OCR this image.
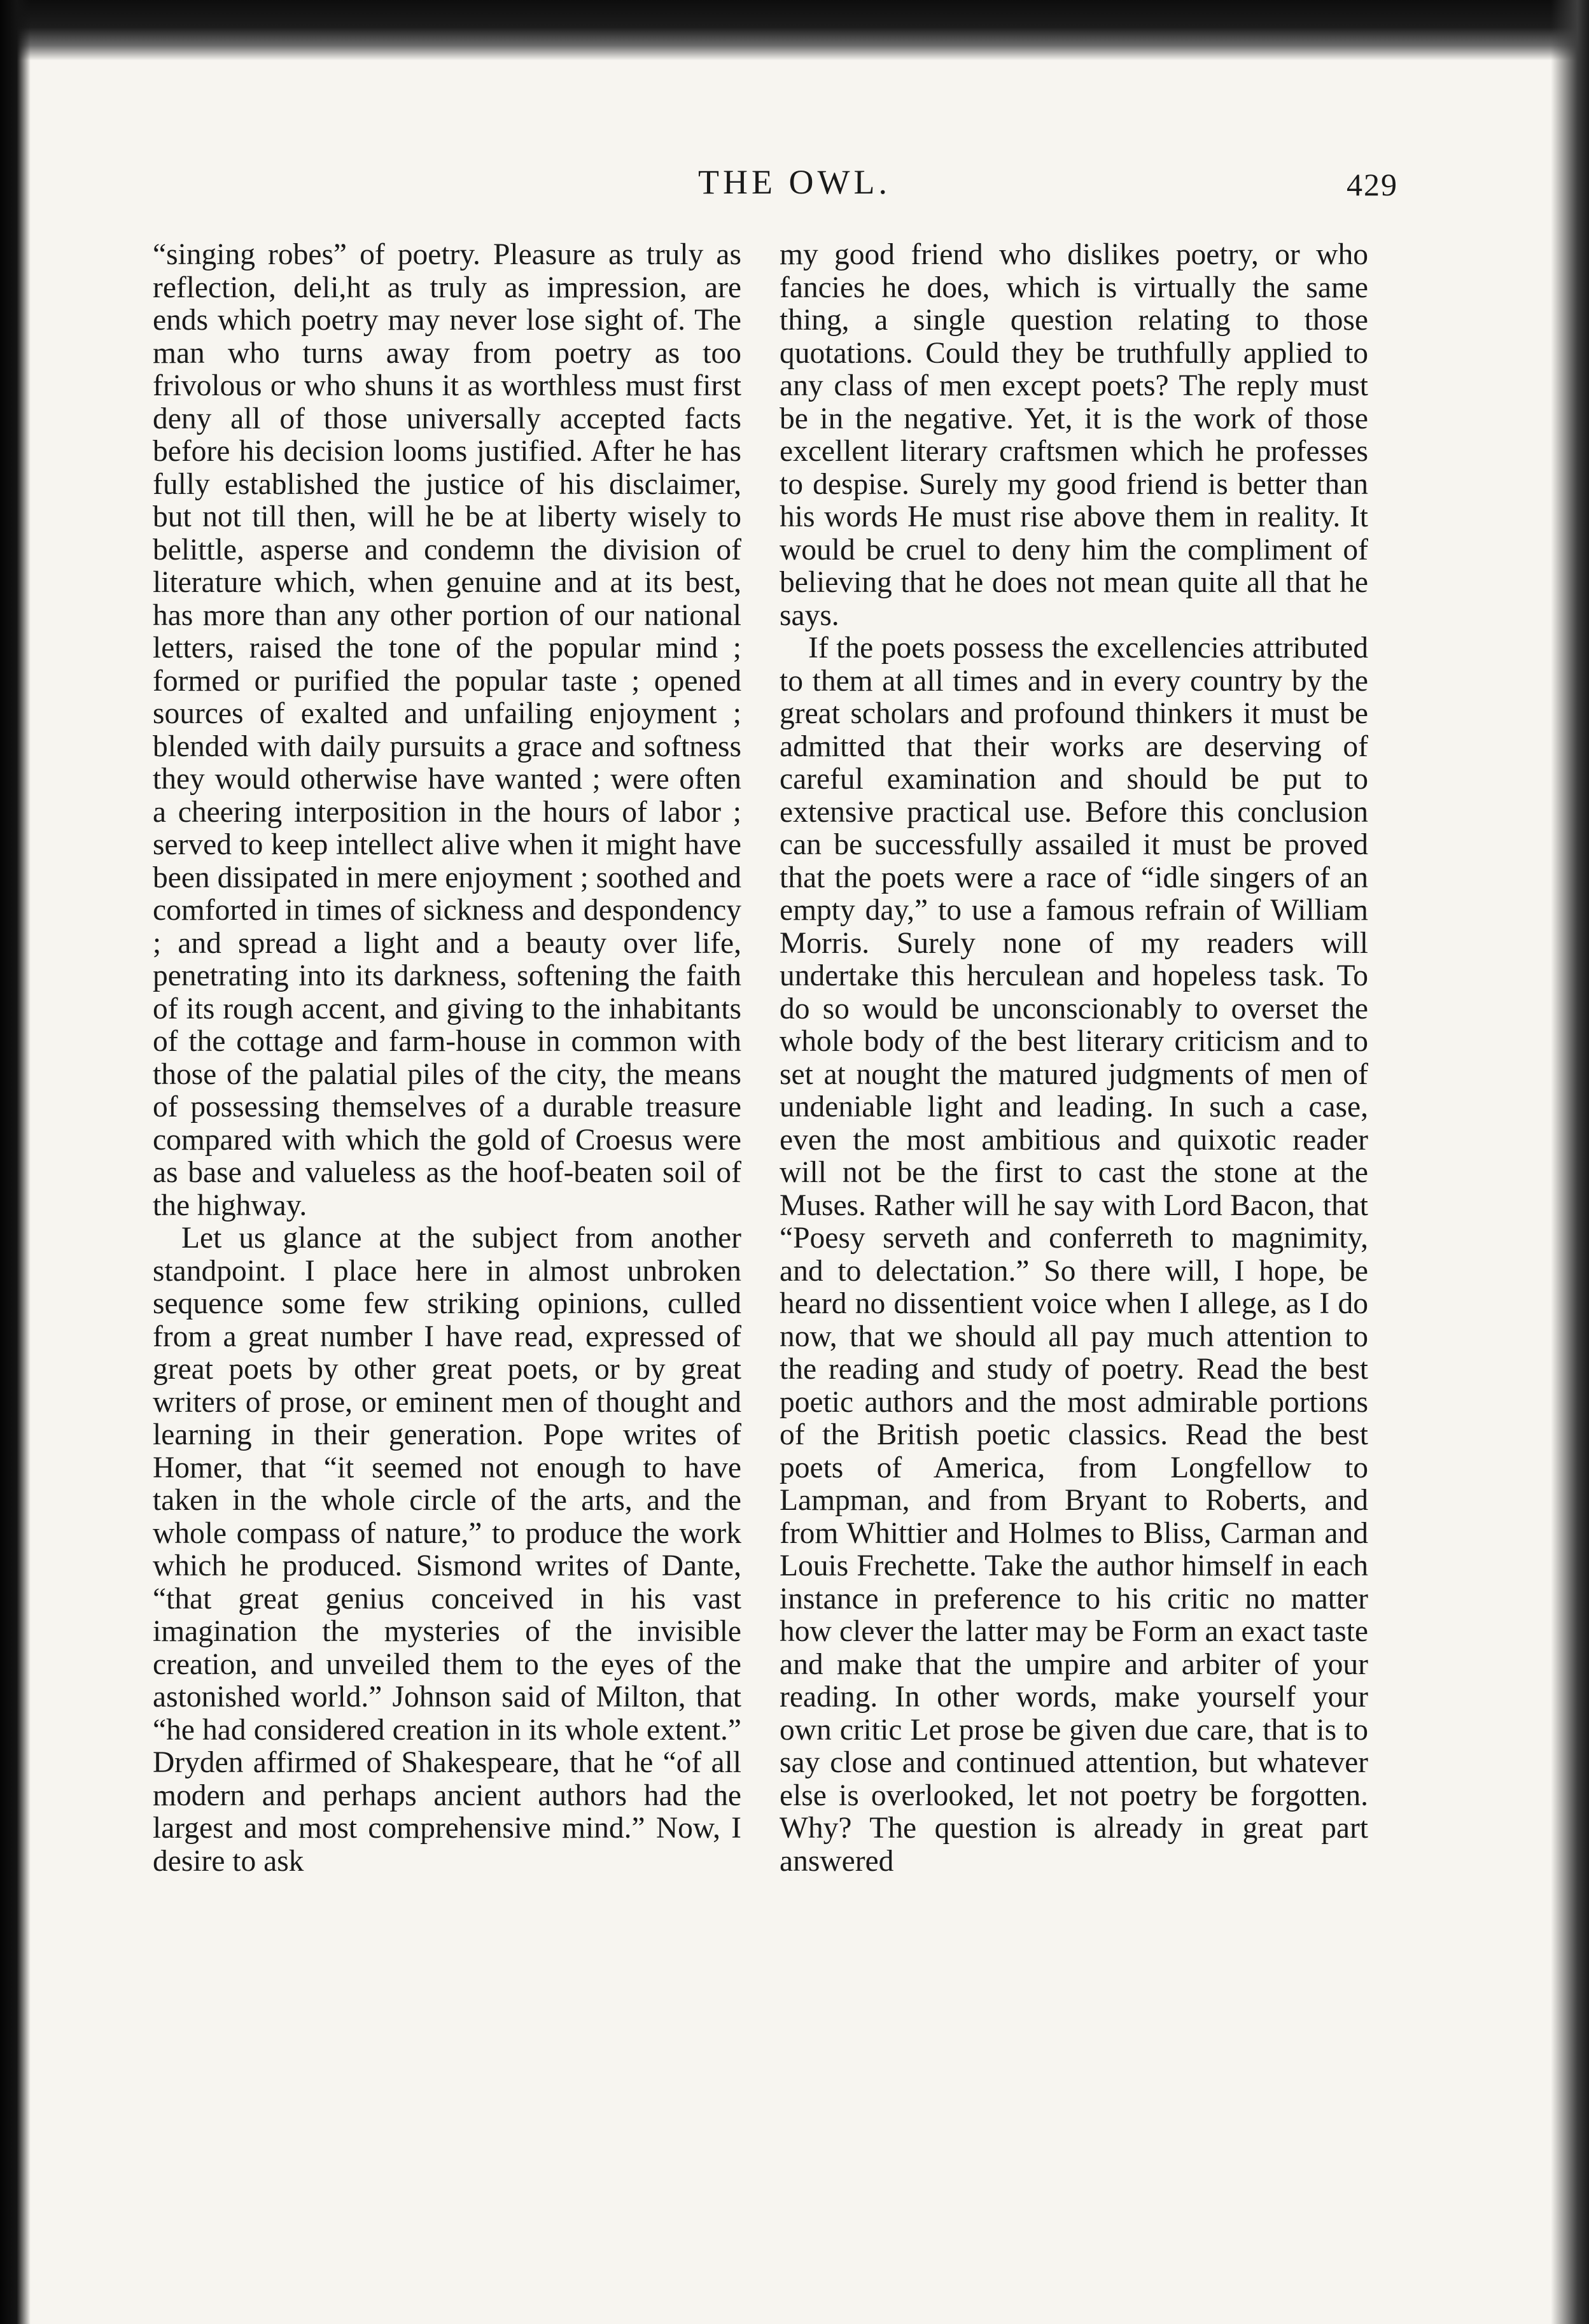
THE OWL.	429

“singing robes” of poetry. Pleasure as truly as reflection, deli,ht as truly as impression, are ends which poetry may never lose sight of. The man who turns away from poetry as too frivolous or who shuns it as worthless must first deny all of those universally accepted facts before his decision looms justified. After he has fully established the justice of his disclaimer, but not till then, will he be at liberty wisely to belittle, asperse and condemn the division of literature which, when genuine and at its best, has more than any other portion of our national letters, raised the tone of the popular mind ; formed or purified the popular taste ; opened sources of exalted and unfailing enjoyment ; blended with daily pursuits a grace and softness they would otherwise have wanted ; were often a cheering interposition in the hours of labor ; served to keep intellect alive when it might have been dissipated in mere enjoyment ; soothed and comforted in times of sickness and despondency ; and spread a light and a beauty over life, penetrating into its darkness, softening the faith of its rough accent, and giving to the inhabitants of the cottage and farm-house in common with those of the palatial piles of the city, the means of possessing themselves of a durable treasure compared with which the gold of Croesus were as base and valueless as the hoof-beaten soil of the highway.

Let us glance at the subject from another standpoint. I place here in almost unbroken sequence some few striking opinions, culled from a great number I have read, expressed of great poets by other great poets, or by great writers of prose, or eminent men of thought and learning in their generation. Pope writes of Homer, that “it seemed not enough to have taken in the whole circle of the arts, and the whole compass of nature,” to produce the work which he produced. Sismond writes of Dante, “that great genius conceived in his vast imagination the mysteries of the invisible creation, and unveiled them to the eyes of the astonished world.” Johnson said of Milton, that “he had considered creation in its whole extent.” Dryden affirmed of Shakespeare, that he “of all modern and perhaps ancient authors had the largest and most comprehensive mind.” Now, I desire to ask

my good friend who dislikes poetry, or who fancies he does, which is virtually the same thing, a single question relating to those quotations. Could they be truthfully applied to any class of men except poets? The reply must be in the negative. Yet, it is the work of those excellent literary craftsmen which he professes to despise. Surely my good friend is better than his words He must rise above them in reality. It would be cruel to deny him the compliment of believing that he does not mean quite all that he says.

If the poets possess the excellencies attributed to them at all times and in every country by the great scholars and profound thinkers it must be admitted that their works are deserving of careful examination and should be put to extensive practical use. Before this conclusion can be successfully assailed it must be proved that the poets were a race of “idle singers of an empty day,” to use a famous refrain of William Morris. Surely none of my readers will undertake this herculean and hopeless task. To do so would be unconscionably to overset the whole body of the best literary criticism and to set at nought the matured judgments of men of undeniable light and leading. In such a case, even the most ambitious and quixotic reader will not be the first to cast the stone at the Muses. Rather will he say with Lord Bacon, that “Poesy serveth and conferreth to magnimity, and to delectation.” So there will, I hope, be heard no dissentient voice when I allege, as I do now, that we should all pay much attention to the reading and study of poetry. Read the best poetic authors and the most admirable portions of the British poetic classics. Read the best poets of America, from Longfellow to Lampman, and from Bryant to Roberts, and from Whittier and Holmes to Bliss, Carman and Louis Frechette. Take the author himself in each instance in preference to his critic no matter how clever the latter may be Form an exact taste and make that the umpire and arbiter of your reading. In other words, make yourself your own critic Let prose be given due care, that is to say close and continued attention, but whatever else is overlooked, let not poetry be forgotten. Why? The question is already in great part answered
